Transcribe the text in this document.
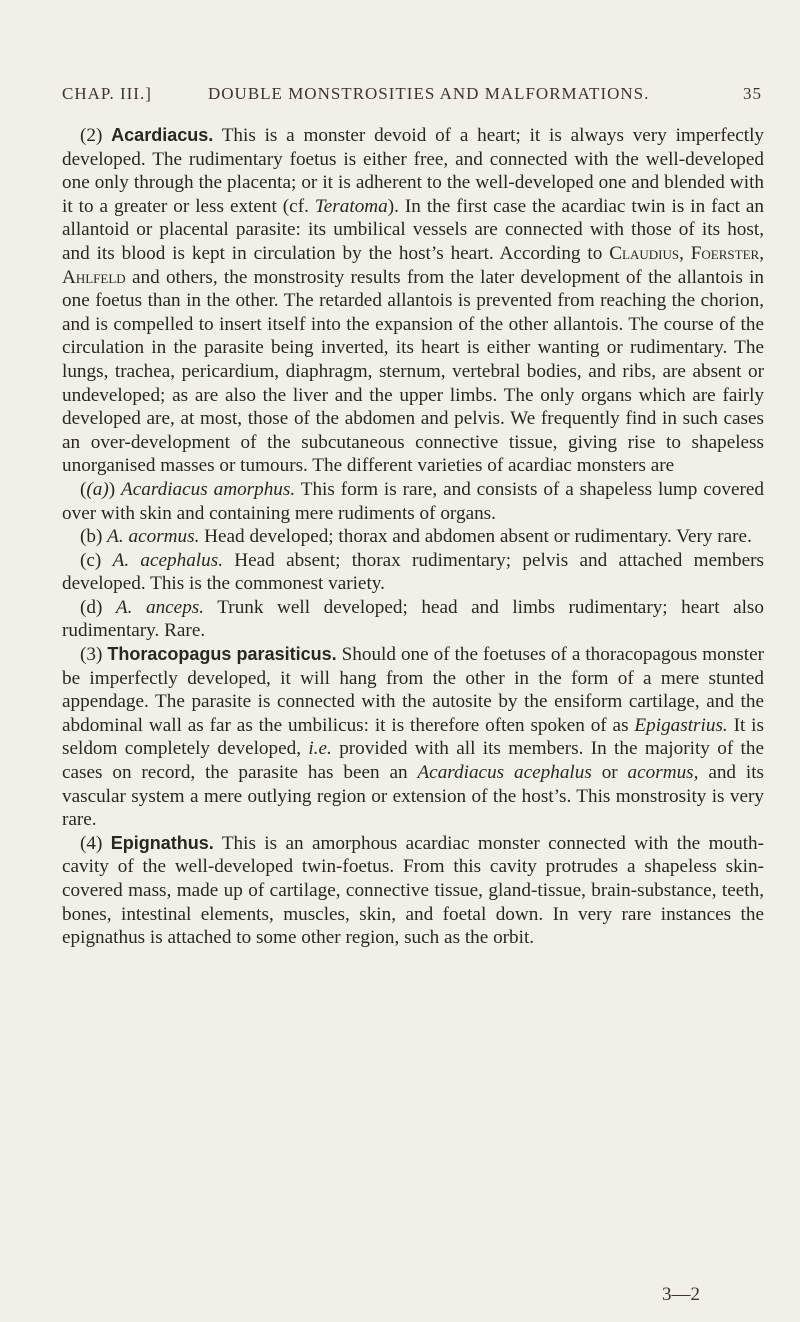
CHAP. III.]	DOUBLE MONSTROSITIES AND MALFORMATIONS.	35

(2) Acardiacus. This is a monster devoid of a heart; it is always very imperfectly developed. The rudimentary foetus is either free, and connected with the well-developed one only through the placenta; or it is adherent to the well-developed one and blended with it to a greater or less extent (cf. Teratoma). In the first case the acardiac twin is in fact an allantoid or placental parasite: its umbilical vessels are connected with those of its host, and its blood is kept in circulation by the host’s heart. According to Claudius, Foerster, Ahlfeld and others, the monstrosity results from the later development of the allantois in one foetus than in the other. The retarded allantois is prevented from reaching the chorion, and is compelled to insert itself into the expansion of the other allantois. The course of the circulation in the parasite being inverted, its heart is either wanting or rudimentary. The lungs, trachea, pericardium, diaphragm, sternum, vertebral bodies, and ribs, are absent or undeveloped; as are also the liver and the upper limbs. The only organs which are fairly developed are, at most, those of the abdomen and pelvis. We frequently find in such cases an over-development of the subcutaneous connective tissue, giving rise to shapeless unorganised masses or tumours. The different varieties of acardiac monsters are

((a)) Acardiacus amorphus. This form is rare, and consists of a shapeless lump covered over with skin and containing mere rudiments of organs.

(b) A. acormus. Head developed; thorax and abdomen absent or rudimentary. Very rare.

(c) A. acephalus. Head absent; thorax rudimentary; pelvis and attached members developed. This is the commonest variety.

(d) A. anceps. Trunk well developed; head and limbs rudimentary; heart also rudimentary. Rare.

(3) Thoracopagus parasiticus. Should one of the foetuses of a thoracopagous monster be imperfectly developed, it will hang from the other in the form of a mere stunted appendage. The parasite is connected with the autosite by the ensiform cartilage, and the abdominal wall as far as the umbilicus: it is therefore often spoken of as Epigastrius. It is seldom completely developed, i.e. provided with all its members. In the majority of the cases on record, the parasite has been an Acardiacus acephalus or acormus, and its vascular system a mere outlying region or extension of the host’s. This monstrosity is very rare.

(4) Epignathus. This is an amorphous acardiac monster connected with the mouth-cavity of the well-developed twin-foetus. From this cavity protrudes a shapeless skin-covered mass, made up of cartilage, connective tissue, gland-tissue, brain-substance, teeth, bones, intestinal elements, muscles, skin, and foetal down. In very rare instances the epignathus is attached to some other region, such as the orbit.

3—2
